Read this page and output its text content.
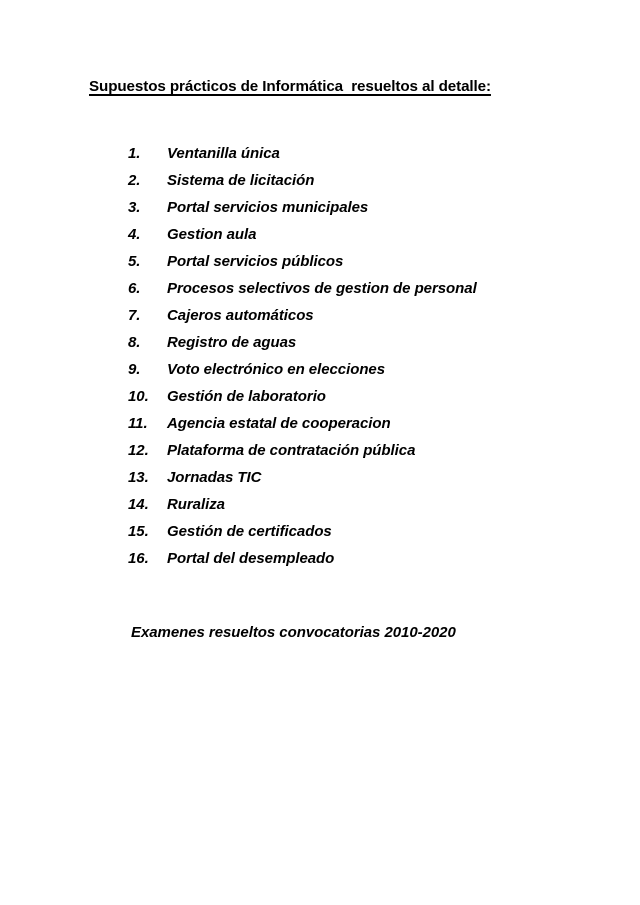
Supuestos prácticos de Informática  resueltos al detalle:

1.

	Ventanilla única

2.

	Sistema de licitación

3.

	Portal servicios municipales

4.

	Gestion aula

5.

	Portal servicios públicos

6.

	Procesos selectivos de gestion de personal

7.

	Cajeros automáticos

8.

	Registro de aguas

9.

	Voto electrónico en elecciones

10.

	Gestión de laboratorio

11.

	Agencia estatal de cooperacion

12.

	Plataforma de contratación pública

13.

	Jornadas TIC

14.

	Ruraliza

15.

	Gestión de certificados

16.

	Portal del desempleado

Examenes resueltos convocatorias 2010-2020
